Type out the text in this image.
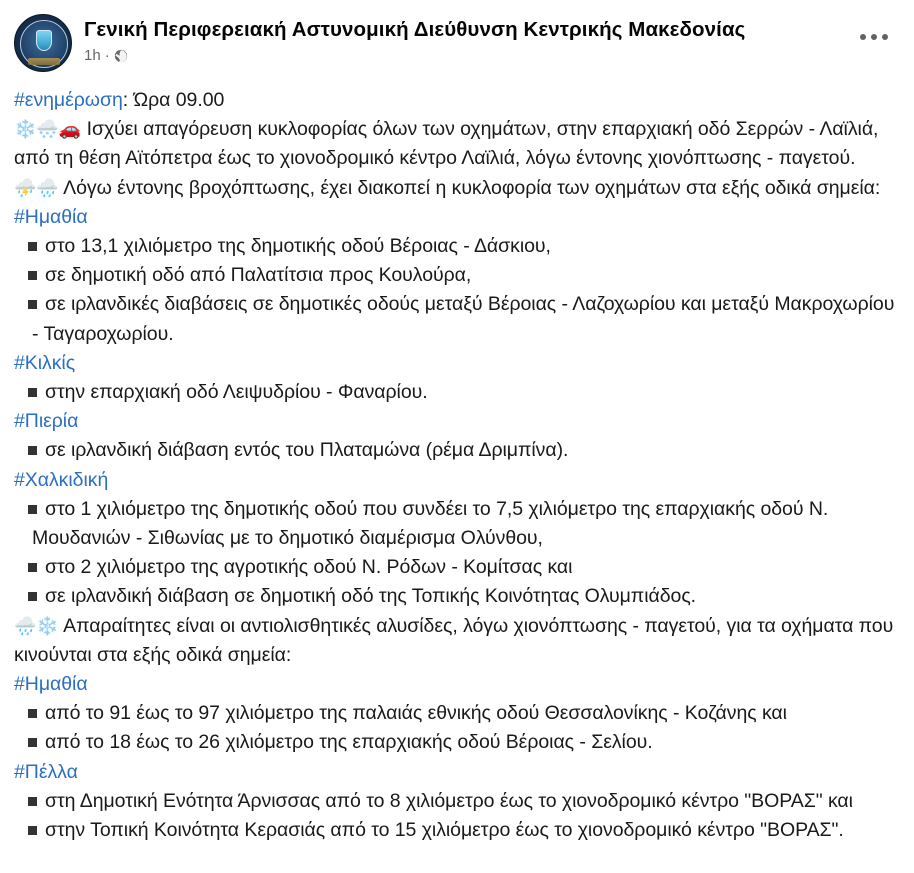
Γενική Περιφερειακή Αστυνομική Διεύθυνση Κεντρικής Μακεδονίας
1h ·
#ενημέρωση: Ώρα 09.00
❄️🌨️🚗 Ισχύει απαγόρευση κυκλοφορίας όλων των οχημάτων, στην επαρχιακή οδό Σερρών - Λαϊλιά, από τη θέση Αϊτόπετρα έως το χιονοδρομικό κέντρο Λαϊλιά, λόγω έντονης χιονόπτωσης - παγετού.
⛈️🌧️ Λόγω έντονης βροχόπτωσης, έχει διακοπεί η κυκλοφορία των οχημάτων στα εξής οδικά σημεία:
#Ημαθία
στο 13,1 χιλιόμετρο της δημοτικής οδού Βέροιας - Δάσκιου,
σε δημοτική οδό από Παλατίτσια προς Κουλούρα,
σε ιρλανδικές διαβάσεις σε δημοτικές οδούς μεταξύ Βέροιας - Λαζοχωρίου και μεταξύ Μακροχωρίου - Ταγαροχωρίου.
#Κιλκίς
στην επαρχιακή οδό Λειψυδρίου - Φαναρίου.
#Πιερία
σε ιρλανδική διάβαση εντός του Πλαταμώνα (ρέμα Δριμπίνα).
#Χαλκιδική
στο 1 χιλιόμετρο της δημοτικής οδού που συνδέει το 7,5 χιλιόμετρο της επαρχιακής οδού Ν. Μουδανιών - Σιθωνίας με το δημοτικό διαμέρισμα Ολύνθου,
στο 2 χιλιόμετρο της αγροτικής οδού Ν. Ρόδων - Κομίτσας και
σε ιρλανδική διάβαση σε δημοτική οδό της Τοπικής Κοινότητας Ολυμπιάδος.
🌧️❄️ Απαραίτητες είναι οι αντιολισθητικές αλυσίδες, λόγω χιονόπτωσης - παγετού, για τα οχήματα που κινούνται στα εξής οδικά σημεία:
#Ημαθία
από το 91 έως το 97 χιλιόμετρο της παλαιάς εθνικής οδού Θεσσαλονίκης - Κοζάνης και
από το 18 έως το 26 χιλιόμετρο της επαρχιακής οδού Βέροιας - Σελίου.
#Πέλλα
στη Δημοτική Ενότητα Άρνισσας από το 8 χιλιόμετρο έως το χιονοδρομικό κέντρο "ΒΟΡΑΣ" και
στην Τοπική Κοινότητα Κερασιάς από το 15 χιλιόμετρο έως το χιονοδρομικό κέντρο "ΒΟΡΑΣ".
